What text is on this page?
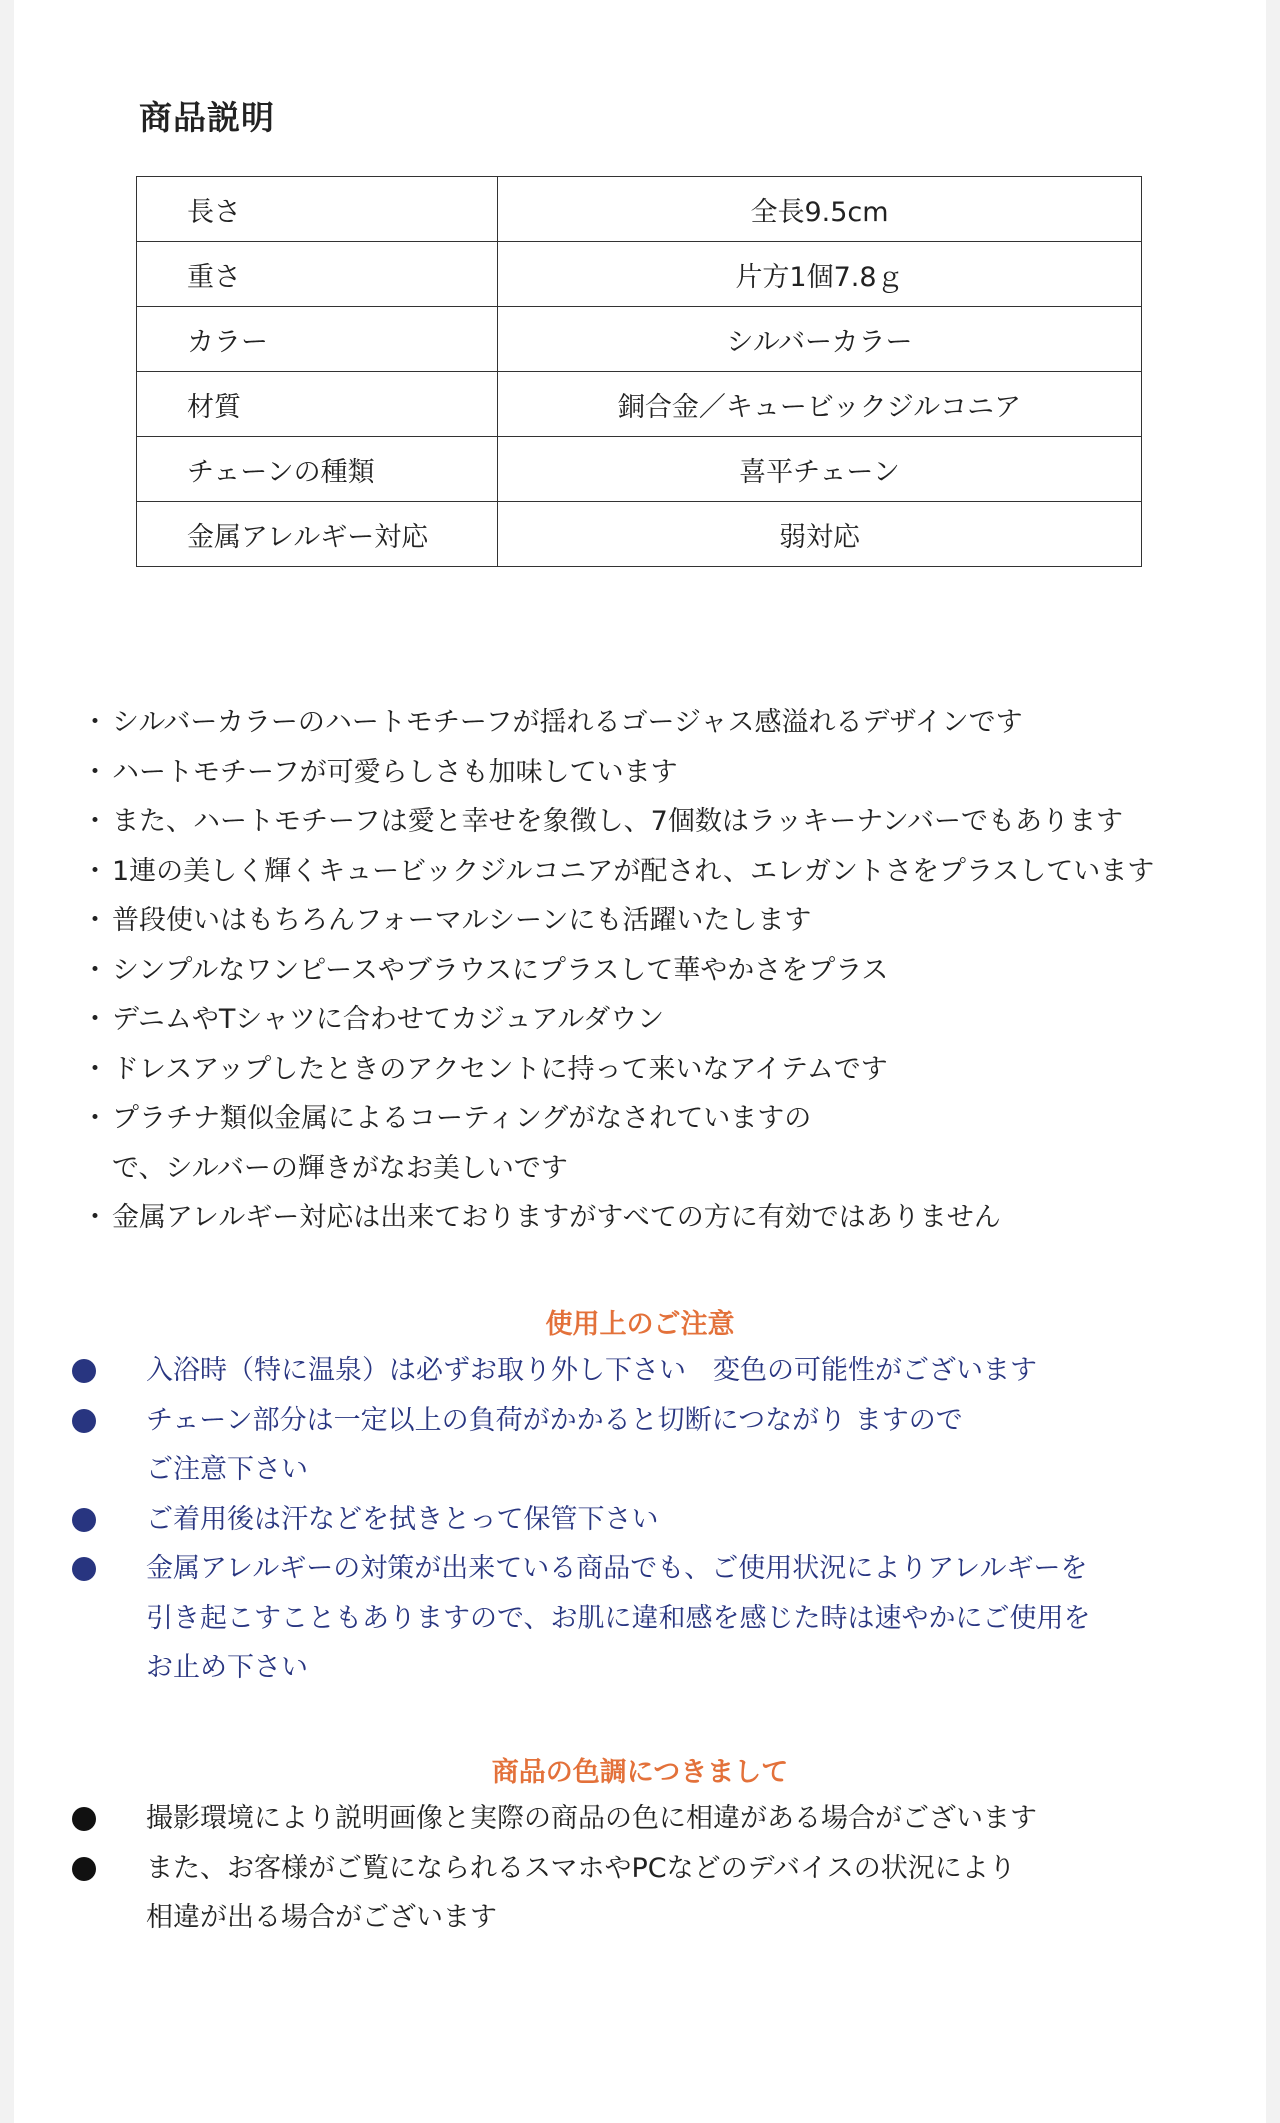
商品説明
長さ	全長9.5cm
重さ	片方1個7.8ｇ
カラー	シルバーカラー
材質	銅合金／キュービックジルコニア
チェーンの種類	喜平チェーン
金属アレルギー対応	弱対応
・ シルバーカラーのハートモチーフが揺れるゴージャス感溢れるデザインです
・ ハートモチーフが可愛らしさも加味しています
・ また、ハートモチーフは愛と幸せを象徴し、7個数はラッキーナンバーでもあります
・ 1連の美しく輝くキュービックジルコニアが配され、エレガントさをプラスしています
・ 普段使いはもちろんフォーマルシーンにも活躍いたします
・ シンプルなワンピースやブラウスにプラスして華やかさをプラス
・ デニムやTシャツに合わせてカジュアルダウン
・ ドレスアップしたときのアクセントに持って来いなアイテムです
・ プラチナ類似金属によるコーティングがなされていますので、シルバーの輝きがなお美しいです
・ 金属アレルギー対応は出来ておりますがすべての方に有効ではありません
使用上のご注意
入浴時（特に温泉）は必ずお取り外し下さい　変色の可能性がございます
チェーン部分は一定以上の負荷がかかると切断につながり ますので
ご注意下さい
ご着用後は汗などを拭きとって保管下さい
金属アレルギーの対策が出来ている商品でも、ご使用状況によりアレルギーを
引き起こすこともありますので、お肌に違和感を感じた時は速やかにご使用を
お止め下さい
商品の色調につきまして
撮影環境により説明画像と実際の商品の色に相違がある場合がございます
また、お客様がご覧になられるスマホやPCなどのデバイスの状況により
相違が出る場合がございます
